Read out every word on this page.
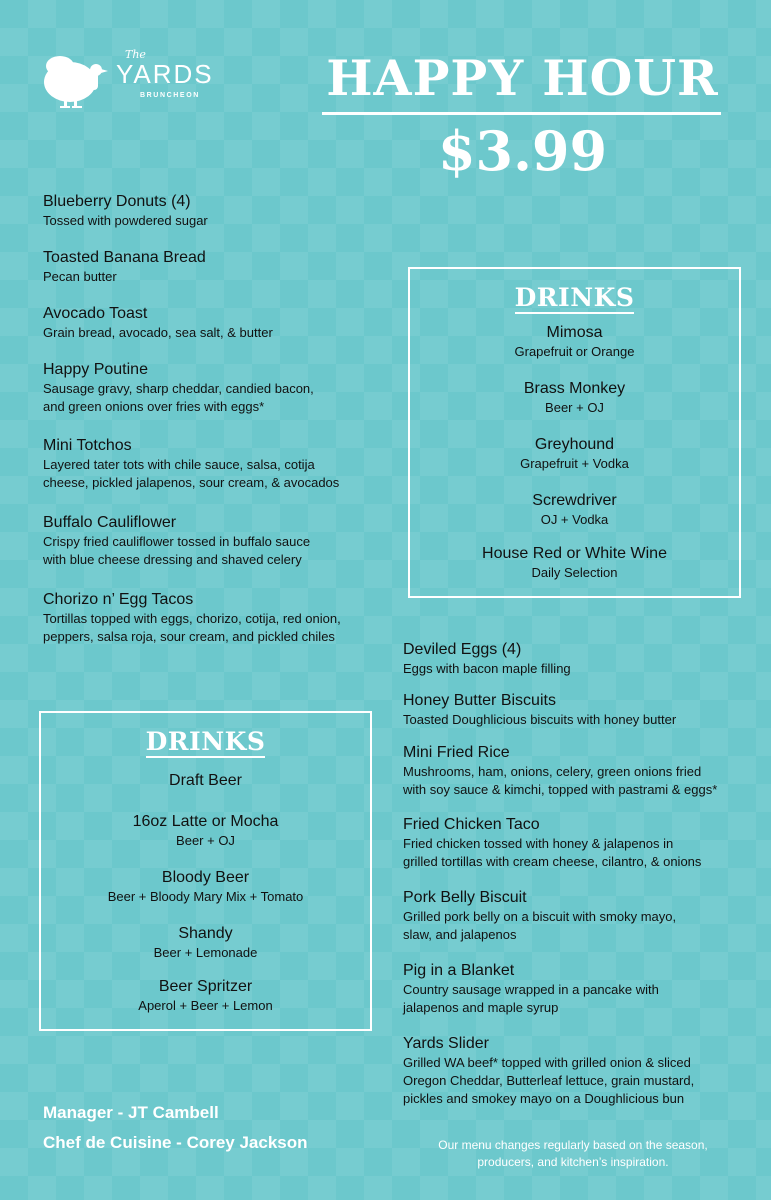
The
YARDS
BRUNCHEON	HAPPY HOUR
$3.99
Blueberry Donuts (4)
Tossed with powdered sugar
Toasted Banana Bread
Pecan butter
Avocado Toast
Grain bread, avocado, sea salt, & butter
Happy Poutine
Sausage gravy, sharp cheddar, candied bacon,
and green onions over fries with eggs*
Mini Totchos
Layered tater tots with chile sauce, salsa, cotija
cheese, pickled jalapenos, sour cream, & avocados
Buffalo Cauliflower
Crispy fried cauliflower tossed in buffalo sauce
with blue cheese dressing and shaved celery
Chorizo n’ Egg Tacos
Tortillas topped with eggs, chorizo, cotija, red onion,
peppers, salsa roja, sour cream, and pickled chiles
DRINKS
Mimosa
Grapefruit or Orange
Brass Monkey
Beer + OJ
Greyhound
Grapefruit + Vodka
Screwdriver
OJ + Vodka
House Red or White Wine
Daily Selection
DRINKS
Draft Beer
16oz Latte or Mocha
Beer + OJ
Bloody Beer
Beer + Bloody Mary Mix + Tomato
Shandy
Beer + Lemonade
Beer Spritzer
Aperol + Beer + Lemon
Deviled Eggs (4)
Eggs with bacon maple filling
Honey Butter Biscuits
Toasted Doughlicious biscuits with honey butter
Mini Fried Rice
Mushrooms, ham, onions, celery, green onions fried
with soy sauce & kimchi, topped with pastrami & eggs*
Fried Chicken Taco
Fried chicken tossed with honey & jalapenos in
grilled tortillas with cream cheese, cilantro, & onions
Pork Belly Biscuit
Grilled pork belly on a biscuit with smoky mayo,
slaw, and jalapenos
Pig in a Blanket
Country sausage wrapped in a pancake with
jalapenos and maple syrup
Yards Slider
Grilled WA beef* topped with grilled onion & sliced
Oregon Cheddar, Butterleaf lettuce, grain mustard,
pickles and smokey mayo on a Doughlicious bun
Manager - JT Cambell
Chef de Cuisine - Corey Jackson	Our menu changes regularly based on the season,
producers, and kitchen’s inspiration.
